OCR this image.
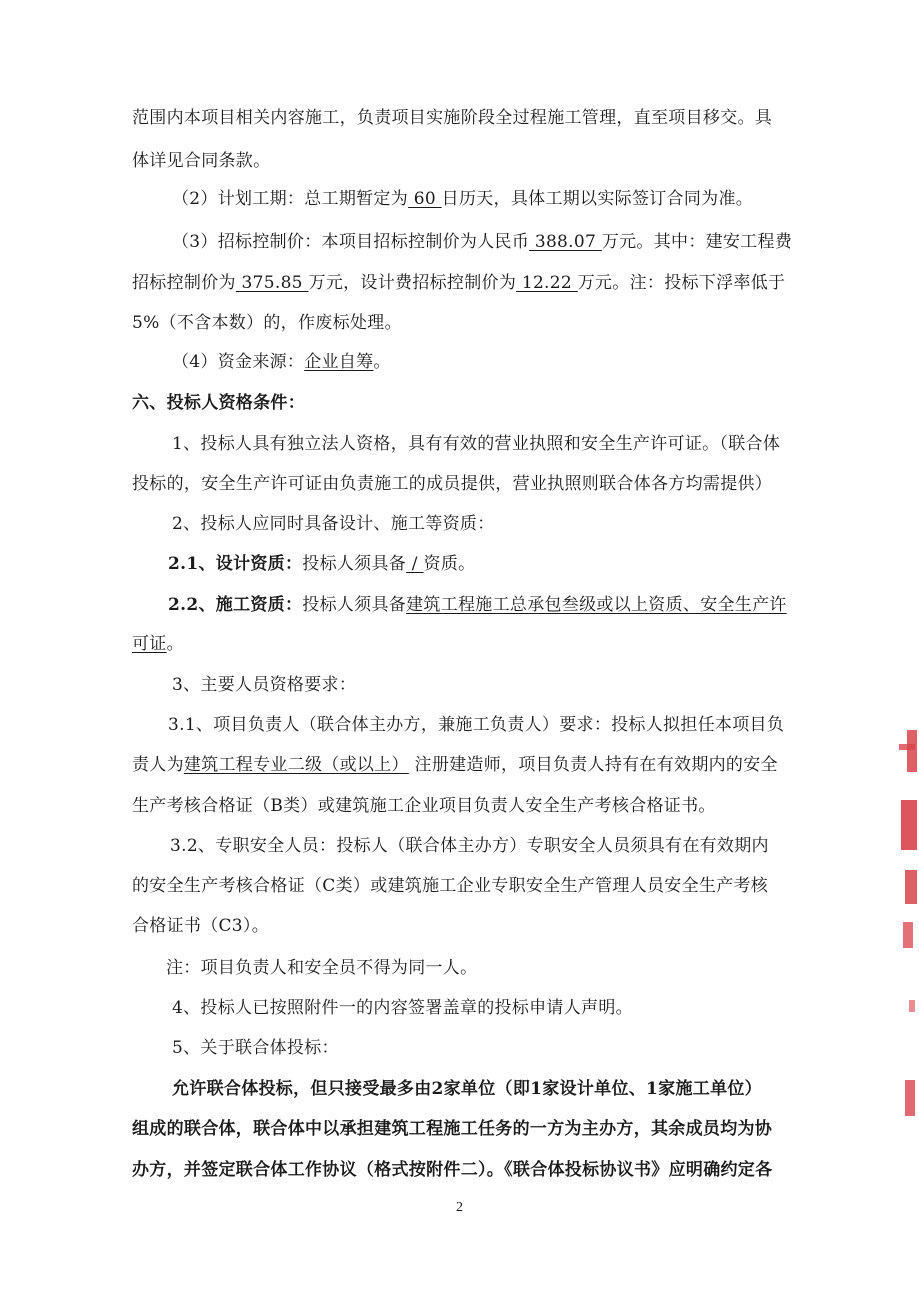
范围内本项目相关内容施工，负责项目实施阶段全过程施工管理，直至项目移交。具
体详见合同条款。
（2）计划工期：总工期暂定为 60 日历天，具体工期以实际签订合同为准。
（3）招标控制价：本项目招标控制价为人民币 388.07 万元。其中：建安工程费
招标控制价为 375.85 万元，设计费招标控制价为 12.22 万元。注：投标下浮率低于
5%（不含本数）的，作废标处理。
（4）资金来源：企业自筹。
六、投标人资格条件：
1、投标人具有独立法人资格，具有有效的营业执照和安全生产许可证。（联合体
投标的，安全生产许可证由负责施工的成员提供，营业执照则联合体各方均需提供）
2、投标人应同时具备设计、施工等资质：
2.1、设计资质：投标人须具备 / 资质。
2.2、施工资质：投标人须具备建筑工程施工总承包叁级或以上资质、安全生产许
可证。
3、主要人员资格要求：
3.1、项目负责人（联合体主办方，兼施工负责人）要求：投标人拟担任本项目负
责人为建筑工程专业二级（或以上） 注册建造师，项目负责人持有在有效期内的安全
生产考核合格证（B类）或建筑施工企业项目负责人安全生产考核合格证书。
3.2、专职安全人员：投标人（联合体主办方）专职安全人员须具有在有效期内
的安全生产考核合格证（C类）或建筑施工企业专职安全生产管理人员安全生产考核
合格证书（C3）。
注：项目负责人和安全员不得为同一人。
4、投标人已按照附件一的内容签署盖章的投标申请人声明。
5、关于联合体投标：
允许联合体投标，但只接受最多由2家单位（即1家设计单位、1家施工单位）
组成的联合体，联合体中以承担建筑工程施工任务的一方为主办方，其余成员均为协
办方，并签定联合体工作协议（格式按附件二）。《联合体投标协议书》应明确约定各
2
